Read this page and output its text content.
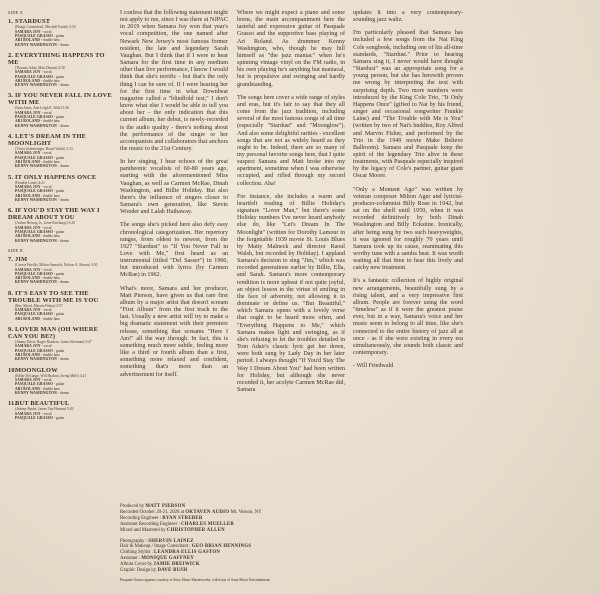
SIDE A
1. STARDUST
(Hoagy Carmichael, Mitchell Parish) 3:54
SAMARA JOY - vocal
PASQUALE GRASSO - guitar
ARI ROLAND - double bass
KENNY WASHINGTON - drums
2. EVERYTHING HAPPENS TO ME
(Thomas Adair, Matt Dennis) 4:58
SAMARA JOY - vocal
PASQUALE GRASSO - guitar
ARI ROLAND - double bass
KENNY WASHINGTON - drums
3. IF YOU NEVER FALL IN LOVE WITH ME
(Sam Jones, Ann Leigh E. Wolf) 3:36
SAMARA JOY - vocal
PASQUALE GRASSO - guitar
ARI ROLAND - double bass
KENNY WASHINGTON - drums
4. LET'S DREAM IN THE MOONLIGHT
(Victor Schertzinger, Raoul Walsh) 3:33
SAMARA JOY - vocal
PASQUALE GRASSO - guitar
ARI ROLAND - double bass
KENNY WASHINGTON - drums
5. IT ONLY HAPPENS ONCE
(Frankie Laine) 4:21
SAMARA JOY - vocal
PASQUALE GRASSO - guitar
ARI ROLAND - double bass
KENNY WASHINGTON - drums
6. IF YOU'D STAY THE WAY I DREAM ABOUT YOU
(Arthur Herzog, Jr., Irene Kitchings) 5:28
SAMARA JOY - vocal
PASQUALE GRASSO - guitar
ARI ROLAND - double bass
KENNY WASHINGTON - drums
SIDE B
7. JIM
(Caesar Petrillo, Milton Samuels, Nelson A. Shawn) 4:50
SAMARA JOY - vocal
PASQUALE GRASSO - guitar
ARI ROLAND - double bass
KENNY WASHINGTON - drums
8. IT'S EASY TO SEE THE TROUBLE WITH ME IS YOU
(Rey Allred, Marvin Fisher) 3:57
SAMARA JOY - vocal
PASQUALE GRASSO - guitar
ARI ROLAND - double bass
9. LOVER MAN (OH WHERE CAN YOU BE?)
(Jimmy Davis, Roger Ramirez, James Sherman) 5:47
SAMARA JOY - vocal
PASQUALE GRASSO - guitar
ARI ROLAND - double bass
KENNY WASHINGTON - drums
10.MOONGLOW
(Eddie DeLange, Will Hudson, Irving Mills) 4:21
SAMARA JOY - vocal
PASQUALE GRASSO - guitar
ARI ROLAND - double bass
KENNY WASHINGTON - drums
11.BUT BEAUTIFUL
(Johnny Burke, James Van Heusen) 5:03
SAMARA JOY - vocal
PASQUALE GRASSO - guitar

I confess that the following statement might not apply to me, since I was there at NJPAC in 2019 when Samara Joy won that year's vocal competition, the one named after Newark New Jersey's most famous former resident, the late and legendary Sarah Vaughan. But I think that if I were to hear Samara for the first time in any medium other than live performance, I know I would think that she's terrific - but that's the only thing I can be sure of. If I were hearing her for the first time in what Downbeat magazine called a "blindfold test," I don't know what else I would be able to tell you about her - the only indication that this current album, her debut, is newly-recorded is the audio quality - there's nothing about the performance of the singer or her accompanists and collaborators that anchors the music to the 21st Century.

In her singing, I hear echoes of the great pantheonic vocalists of 60-80 years ago, starting with the aforementioned Miss Vaughan, as well as Carmen McRae, Dinah Washington, and Billie Holiday. But also there's the influence of singers closer to Samara's own generation, like Stevie Wonder and Lalah Hathaway.

The songs she's picked here also defy easy chronological categorization. Her repertory ranges, from oldest to newest, from the 1927 "Stardust" to "If You Never Fall in Love with Me," first heard as an instrumental (titled "Del Sasser") in 1960, but introduced with lyrics (by Carmen McRae) in 1962.

What's more, Samara and her producer, Matt Pierson, have given us that rare first album by a major artist that doesn't scream "First Album" from the first track to the last. Usually a new artist will try to make a big dramatic statement with their premiere release, something that screams "Here I Am!" all the way through. In fact, this is something much more subtle, feeling more like a third or fourth album than a first, something more relaxed and confident, something that's more than an advertisement for itself.

Where we might expect a piano and some horns, the main accompaniment here the tasteful and expressive guitar of Pasquale Grasso and the supportive bass playing of Ari Roland. As drummer Kenny Washington, who, though he may bill himself as "the jazz maniac" when he's spinning vintage vinyl on the FM radio, in his own playing he's anything but maniacal, but is propulsive and swinging and hardly grandstanding.

The songs here cover a wide range of styles and eras, but it's fair to say that they all come from the jazz tradition, including several of the most famous songs of all time (especially "Stardust" and "Moonglow"). And also some delightful rarities - excellent songs that are not as widely heard as they ought to be. Indeed, there are so many of my personal favorite songs here, that I quite suspect Samara and Matt broke into my apartment, sometime when I was otherwise occupied, and rifled through my record collection. Aha!

For instance, she includes a warm and heartfelt reading of Billie Holiday's signature "Lover Man," but there's some Holiday numbers I've never heard anybody else do, like "Let's Dream In The Moonlight" (written for Dorothy Lamour in the forgettable 1939 movie St. Louis Blues by Matty Malneck and director Raoul Walsh, but recorded by Holiday). I applaud Samara's decision to sing "Jim," which was recorded generations earlier by Billie, Ella, and Sarah. Samara's more contemporary rendition is more upbeat if not quite joyful, an object lesson in the virtue of smiling in the face of adversity, not allowing it to dominate or define us. "But Beautiful," which Samara opens with a lovely verse that ought to be heard more often, and "Everything Happens to Me," which Samara makes light and swinging, as if she's refusing to let the troubles detailed in Tom Adair's classic lyric get her down, were both sung by Lady Day in her later period. I always thought "If You'd Stay The Way I Dream About You" had been written for Holiday, but although she never recorded it, her acolyte Carmen McRae did, Samara

updates it into a very contemporary-sounding jazz waltz.

I'm particularly pleased that Samara has included a few songs from the Nat King Cole songbook, including one of his all-time standards, "Stardust." Prior to hearing Samara sing it, I never would have thought "Stardust" was an appropriate song for a young person, but she has herewith proven me wrong by interpreting the text with surprising depth. Two more numbers were introduced by the King Cole Trio, "It Only Happens Once" (gifted to Nat by his friend, singer and occasional songwriter Frankie Laine) and "The Trouble with Me is You" (written by two of Nat's buddies, Roy Alfred and Marvin Fisher, and performed by the Trio in the 1949 movie Make Believe Ballroom). Samara and Pasquale keep the spirit of the legendary Trio alive in these treatments, with Pasquale especially inspired by the legacy of Cole's partner, guitar giant Oscar Moore.

"Only a Moment Ago" was written by veteran composer Milton Ager and lyricist-producer-columnist Billy Rose in 1942, but sat on the shelf until 1950, when it was recorded definitively by both Dinah Washington and Billy Eckstine. Ironically, after being sung by two such heavyweights, it was ignored for roughly 70 years until Samara took up its cause, reanimating this worthy tune with a samba beat. It was worth waiting all that time to hear this lively and catchy new treatment.

It's a fantastic collection of highly original new arrangements, beautifully sung by a rising talent, and a very impressive first album. People are forever using the word "timeless" as if it were the greatest praise ever, but in a way, Samara's voice and her music seem to belong to all time, like she's connected to the entire history of jazz all at once - as if she were existing in every era simultaneously, she sounds both classic and contemporary.

- Will Friedwald

Produced by MATT PIERSON
Recorded October 20-21, 2020 at OKTAVEN AUDIO Mt. Vernon, NY
Recording Engineer : RYAN STREBER
Assistant Recording Engineer : CHARLES MUELLER
Mixed and Mastered by CHRISTOPHER ALLEN
Photography : SHERVIN LAINEZ
Hair & Makeup / Image Consultant : GEO BRIAN HENNINGS
Clothing Stylist : LEANDRA ELLIS GASTON
Assistant : MONIQUE GAFFNEY
Album Cover by JAMIE BREIWICK
Graphic Design by DAVE BUSH
Pasquale Grasso appears courtesy of Sony Music Masterworks, a division of Sony Music Entertainment.
